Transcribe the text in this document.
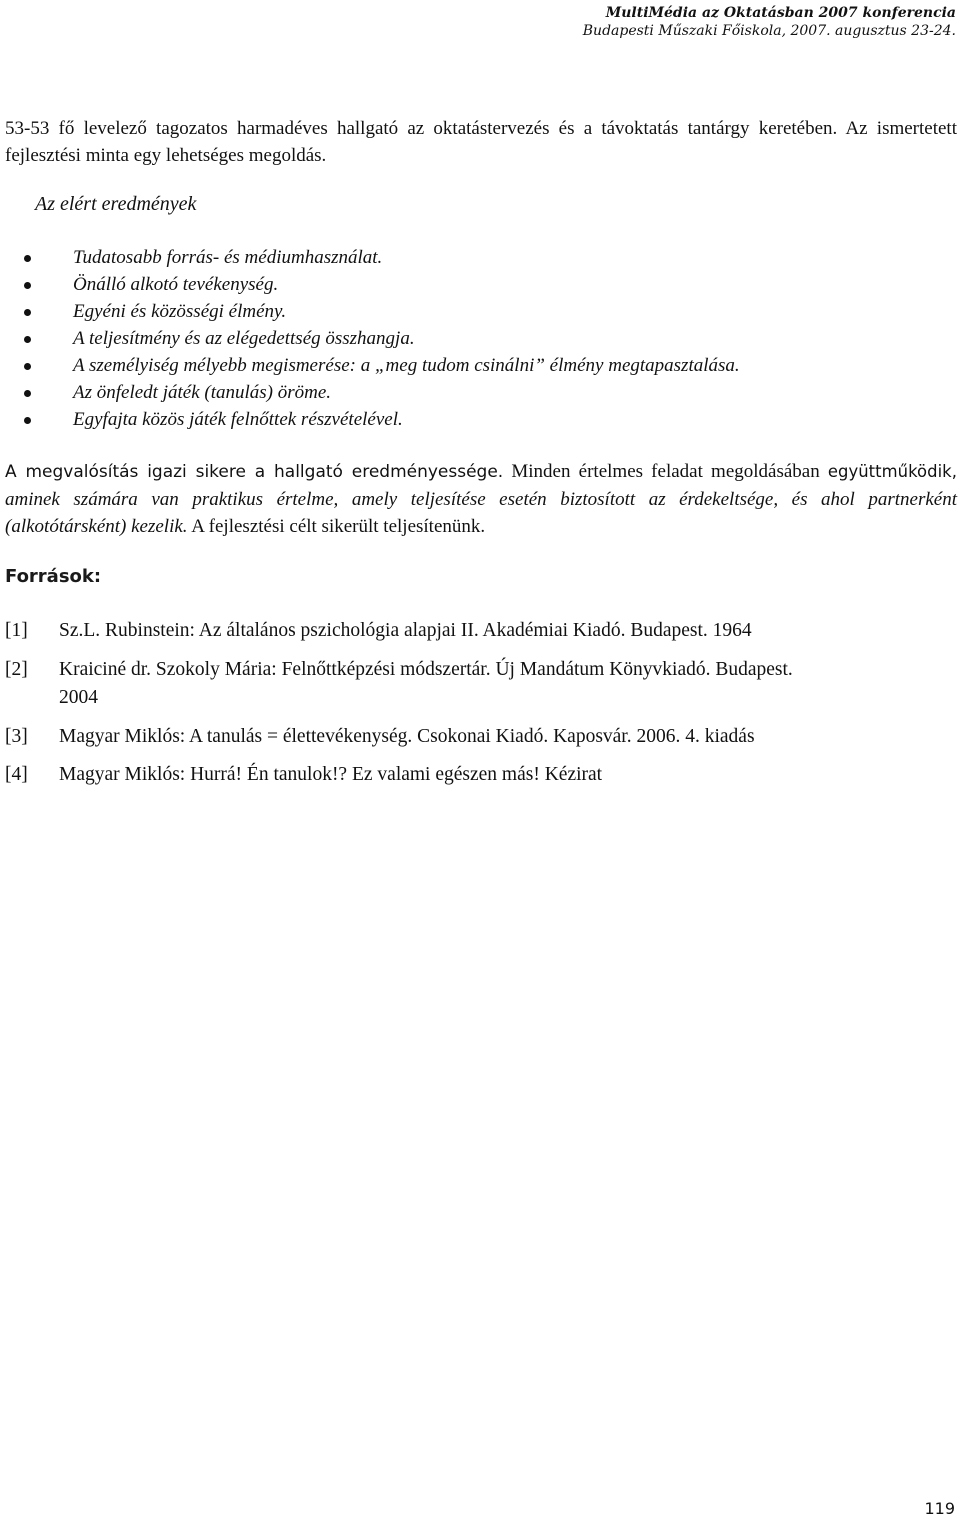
MultiMédia az Oktatásban 2007 konferencia
Budapesti Műszaki Főiskola, 2007. augusztus 23-24.
53-53 fő levelező tagozatos harmadéves hallgató az oktatástervezés és a távoktatás tantárgy keretében. Az ismertetett fejlesztési minta egy lehetséges megoldás.
Az elért eredmények
Tudatosabb forrás- és médiumhasználat.
Önálló alkotó tevékenység.
Egyéni és közösségi élmény.
A teljesítmény és az elégedettség összhangja.
A személyiség mélyebb megismerése: a „meg tudom csinálni” élmény megtapasztalása.
Az önfeledt játék (tanulás) öröme.
Egyfajta közös játék felnőttek részvételével.
A megvalósítás igazi sikere a hallgató eredményessége. Minden értelmes feladat megoldásában együttműködik, aminek számára van praktikus értelme, amely teljesítése esetén biztosított az érdekeltsége, és ahol partnerként (alkotótársként) kezelik. A fejlesztési célt sikerült teljesítenünk.
Források:
[1] Sz.L. Rubinstein: Az általános pszichológia alapjai II. Akadémiai Kiadó. Budapest. 1964
[2] Kraiciné dr. Szokoly Mária: Felnőttképzési módszertár. Új Mandátum Könyvkiadó. Budapest.
2004
[3] Magyar Miklós: A tanulás = élettevékenység. Csokonai Kiadó. Kaposvár. 2006. 4. kiadás
[4] Magyar Miklós: Hurrá! Én tanulok!? Ez valami egészen más! Kézirat
119
